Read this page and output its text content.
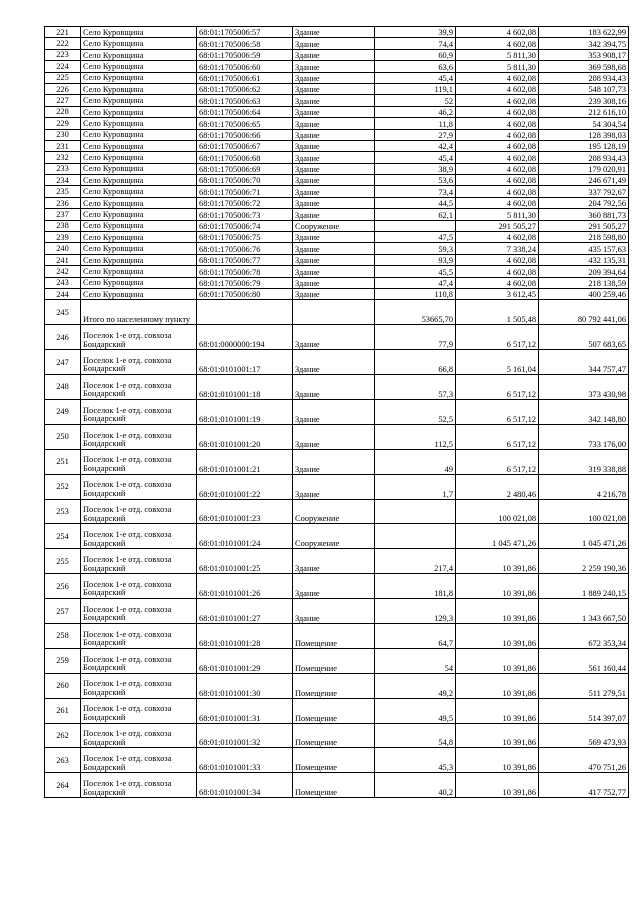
221	Село Куровщина	68:01:1705006:57	Здание	39,9	4 602,08	183 622,99
222	Село Куровщина	68:01:1705006:58	Здание	74,4	4 602,08	342 394,75
223	Село Куровщина	68:01:1705006:59	Здание	60,9	5 811,30	353 908,17
224	Село Куровщина	68:01:1705006:60	Здание	63,6	5 811,30	369 598,68
225	Село Куровщина	68:01:1705006:61	Здание	45,4	4 602,08	208 934,43
226	Село Куровщина	68:01:1705006:62	Здание	119,1	4 602,08	548 107,73
227	Село Куровщина	68:01:1705006:63	Здание	52	4 602,08	239 308,16
228	Село Куровщина	68:01:1705006:64	Здание	46,2	4 602,08	212 616,10
229	Село Куровщина	68:01:1705006:65	Здание	11,8	4 602,08	54 304,54
230	Село Куровщина	68:01:1705006:66	Здание	27,9	4 602,08	128 398,03
231	Село Куровщина	68:01:1705006:67	Здание	42,4	4 602,08	195 128,19
232	Село Куровщина	68:01:1705006:68	Здание	45,4	4 602,08	208 934,43
233	Село Куровщина	68:01:1705006:69	Здание	38,9	4 602,08	179 020,91
234	Село Куровщина	68:01:1705006:70	Здание	53,6	4 602,08	246 671,49
235	Село Куровщина	68:01:1705006:71	Здание	73,4	4 602,08	337 792,67
236	Село Куровщина	68:01:1705006:72	Здание	44,5	4 602,08	204 792,56
237	Село Куровщина	68:01:1705006:73	Здание	62,1	5 811,30	360 881,73
238	Село Куровщина	68:01:1705006:74	Сооружение		291 505,27	291 505,27
239	Село Куровщина	68:01:1705006:75	Здание	47,5	4 602,08	218 598,80
240	Село Куровщина	68:01:1705006:76	Здание	59,3	7 338,24	435 157,63
241	Село Куровщина	68:01:1705006:77	Здание	93,9	4 602,08	432 135,31
242	Село Куровщина	68:01:1705006:78	Здание	45,5	4 602,08	209 394,64
243	Село Куровщина	68:01:1705006:79	Здание	47,4	4 602,08	218 138,59
244	Село Куровщина	68:01:1705006:80	Здание	110,8	3 612,45	400 259,46
245	Итого по населенному пункту			53665,70	1 505,48	80 792 441,06
246	Поселок 1-е отд. совхоза Бондарский	68:01:0000000:194	Здание	77,9	6 517,12	507 683,65
247	Поселок 1-е отд. совхоза Бондарский	68:01:0101001:17	Здание	66,8	5 161,04	344 757,47
248	Поселок 1-е отд. совхоза Бондарский	68:01:0101001:18	Здание	57,3	6 517,12	373 430,98
249	Поселок 1-е отд. совхоза Бондарский	68:01:0101001:19	Здание	52,5	6 517,12	342 148,80
250	Поселок 1-е отд. совхоза Бондарский	68:01:0101001:20	Здание	112,5	6 517,12	733 176,00
251	Поселок 1-е отд. совхоза Бондарский	68:01:0101001:21	Здание	49	6 517,12	319 338,88
252	Поселок 1-е отд. совхоза Бондарский	68:01:0101001:22	Здание	1,7	2 480,46	4 216,78
253	Поселок 1-е отд. совхоза Бондарский	68:01:0101001:23	Сооружение		100 021,08	100 021,08
254	Поселок 1-е отд. совхоза Бондарский	68:01:0101001:24	Сооружение		1 045 471,26	1 045 471,26
255	Поселок 1-е отд. совхоза Бондарский	68:01:0101001:25	Здание	217,4	10 391,86	2 259 190,36
256	Поселок 1-е отд. совхоза Бондарский	68:01:0101001:26	Здание	181,8	10 391,86	1 889 240,15
257	Поселок 1-е отд. совхоза Бондарский	68:01:0101001:27	Здание	129,3	10 391,86	1 343 667,50
258	Поселок 1-е отд. совхоза Бондарский	68:01:0101001:28	Помещение	64,7	10 391,86	672 353,34
259	Поселок 1-е отд. совхоза Бондарский	68:01:0101001:29	Помещение	54	10 391,86	561 160,44
260	Поселок 1-е отд. совхоза Бондарский	68:01:0101001:30	Помещение	49,2	10 391,86	511 279,51
261	Поселок 1-е отд. совхоза Бондарский	68:01:0101001:31	Помещение	49,5	10 391,86	514 397,07
262	Поселок 1-е отд. совхоза Бондарский	68:01:0101001:32	Помещение	54,8	10 391,86	569 473,93
263	Поселок 1-е отд. совхоза Бондарский	68:01:0101001:33	Помещение	45,3	10 391,86	470 751,26
264	Поселок 1-е отд. совхоза Бондарский	68:01:0101001:34	Помещение	40,2	10 391,86	417 752,77
